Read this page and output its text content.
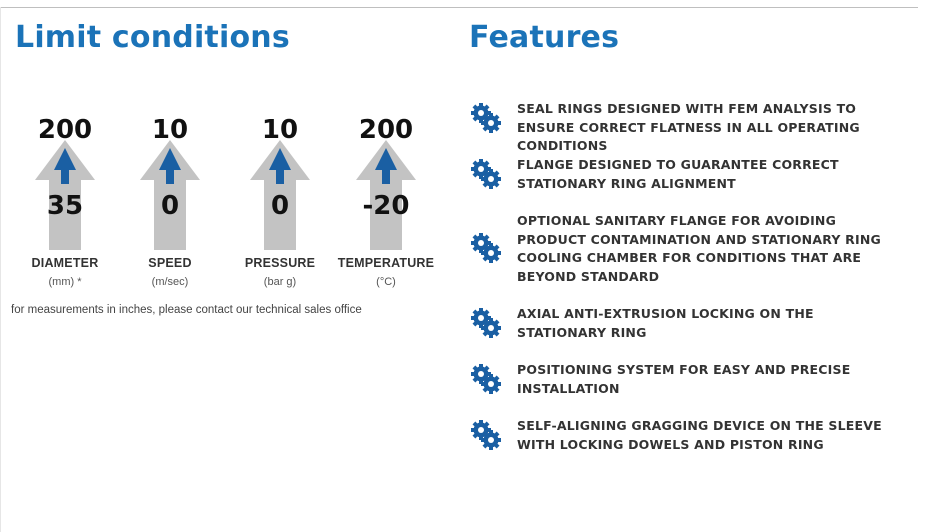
Limit conditions	Features
200
35
DIAMETER
(mm) *
10
0
SPEED
(m/sec)
10
0
PRESSURE
(bar g)
200
-20
TEMPERATURE
(°C)
for measurements in inches, please contact our technical sales office
SEAL RINGS DESIGNED WITH FEM ANALYSIS TO ENSURE CORRECT FLATNESS IN ALL OPERATING CONDITIONS
FLANGE DESIGNED TO GUARANTEE CORRECT STATIONARY RING ALIGNMENT
OPTIONAL SANITARY FLANGE FOR AVOIDING PRODUCT CONTAMINATION AND STATIONARY RING COOLING CHAMBER FOR CONDITIONS THAT ARE BEYOND STANDARD
AXIAL ANTI-EXTRUSION LOCKING ON THE STATIONARY RING
POSITIONING SYSTEM FOR EASY AND PRECISE INSTALLATION
SELF-ALIGNING GRAGGING DEVICE ON THE SLEEVE WITH LOCKING DOWELS AND PISTON RING
